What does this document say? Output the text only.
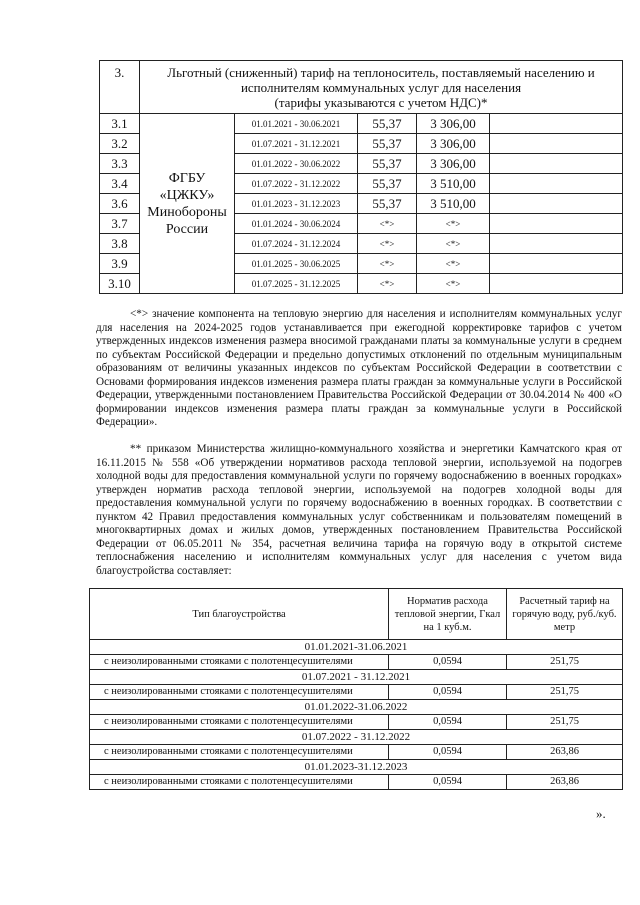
3.	Льготный (сниженный) тариф на теплоноситель, поставляемый населению и
исполнителям коммунальных услуг для населения
(тарифы указываются с учетом НДС)*				

3.1	ФГБУ
«ЦЖКУ»
Минобороны
России	01.01.2021 - 30.06.2021	55,37	3 306,00	
3.2		01.07.2021 - 31.12.2021	55,37	3 306,00	
3.3		01.01.2022 - 30.06.2022	55,37	3 306,00	
3.4		01.07.2022 - 31.12.2022	55,37	3 510,00	
3.6		01.01.2023 - 31.12.2023	55,37	3 510,00	
3.7		01.01.2024 - 30.06.2024	<*>	<*>	
3.8		01.07.2024 - 31.12.2024	<*>	<*>	
3.9		01.01.2025 - 30.06.2025	<*>	<*>	
3.10		01.07.2025 - 31.12.2025	<*>	<*>	
<*> значение компонента на тепловую энергию для населения и исполнителям коммунальных услуг для населения на 2024-2025 годов устанавливается при ежегодной корректировке тарифов с учетом утвержденных индексов изменения размера вносимой гражданами платы за коммунальные услуги в среднем по субъектам Российской Федерации и предельно допустимых отклонений по отдельным муниципальным образованиям от величины указанных индексов по субъектам Российской Федерации в соответствии с Основами формирования индексов изменения размера платы граждан за коммунальные услуги в Российской Федерации, утвержденными постановлением Правительства Российской Федерации от 30.04.2014 № 400 «О формировании индексов изменения размера платы граждан за коммунальные услуги в Российской Федерации».
** приказом Министерства жилищно-коммунального хозяйства и энергетики Камчатского края от 16.11.2015 № 558 «Об утверждении нормативов расхода тепловой энергии, используемой на подогрев холодной воды для предоставления коммунальной услуги по горячему водоснабжению в военных городках» утвержден норматив расхода тепловой энергии, используемой на подогрев холодной воды для предоставления коммунальной услуги по горячему водоснабжению в военных городках. В соответствии с пунктом 42 Правил предоставления коммунальных услуг собственникам и пользователям помещений в многоквартирных домах и жилых домов, утвержденных постановлением Правительства Российской Федерации от 06.05.2011 № 354, расчетная величина тарифа на горячую воду в открытой системе теплоснабжения населению и исполнителям коммунальных услуг для населения с учетом вида благоустройства составляет:
Тип благоустройства	Норматив расхода тепловой энергии, Гкал на 1 куб.м.	Расчетный тариф на горячую воду, руб./куб. метр
01.01.2021-31.06.2021		
с неизолированными стояками с полотенцесушителями	0,0594	251,75
01.07.2021 - 31.12.2021		
с неизолированными стояками с полотенцесушителями	0,0594	251,75
01.01.2022-31.06.2022		
с неизолированными стояками с полотенцесушителями	0,0594	251,75
01.07.2022 - 31.12.2022		
с неизолированными стояками с полотенцесушителями	0,0594	263,86
01.01.2023-31.12.2023		
с неизолированными стояками с полотенцесушителями	0,0594	263,86
».
